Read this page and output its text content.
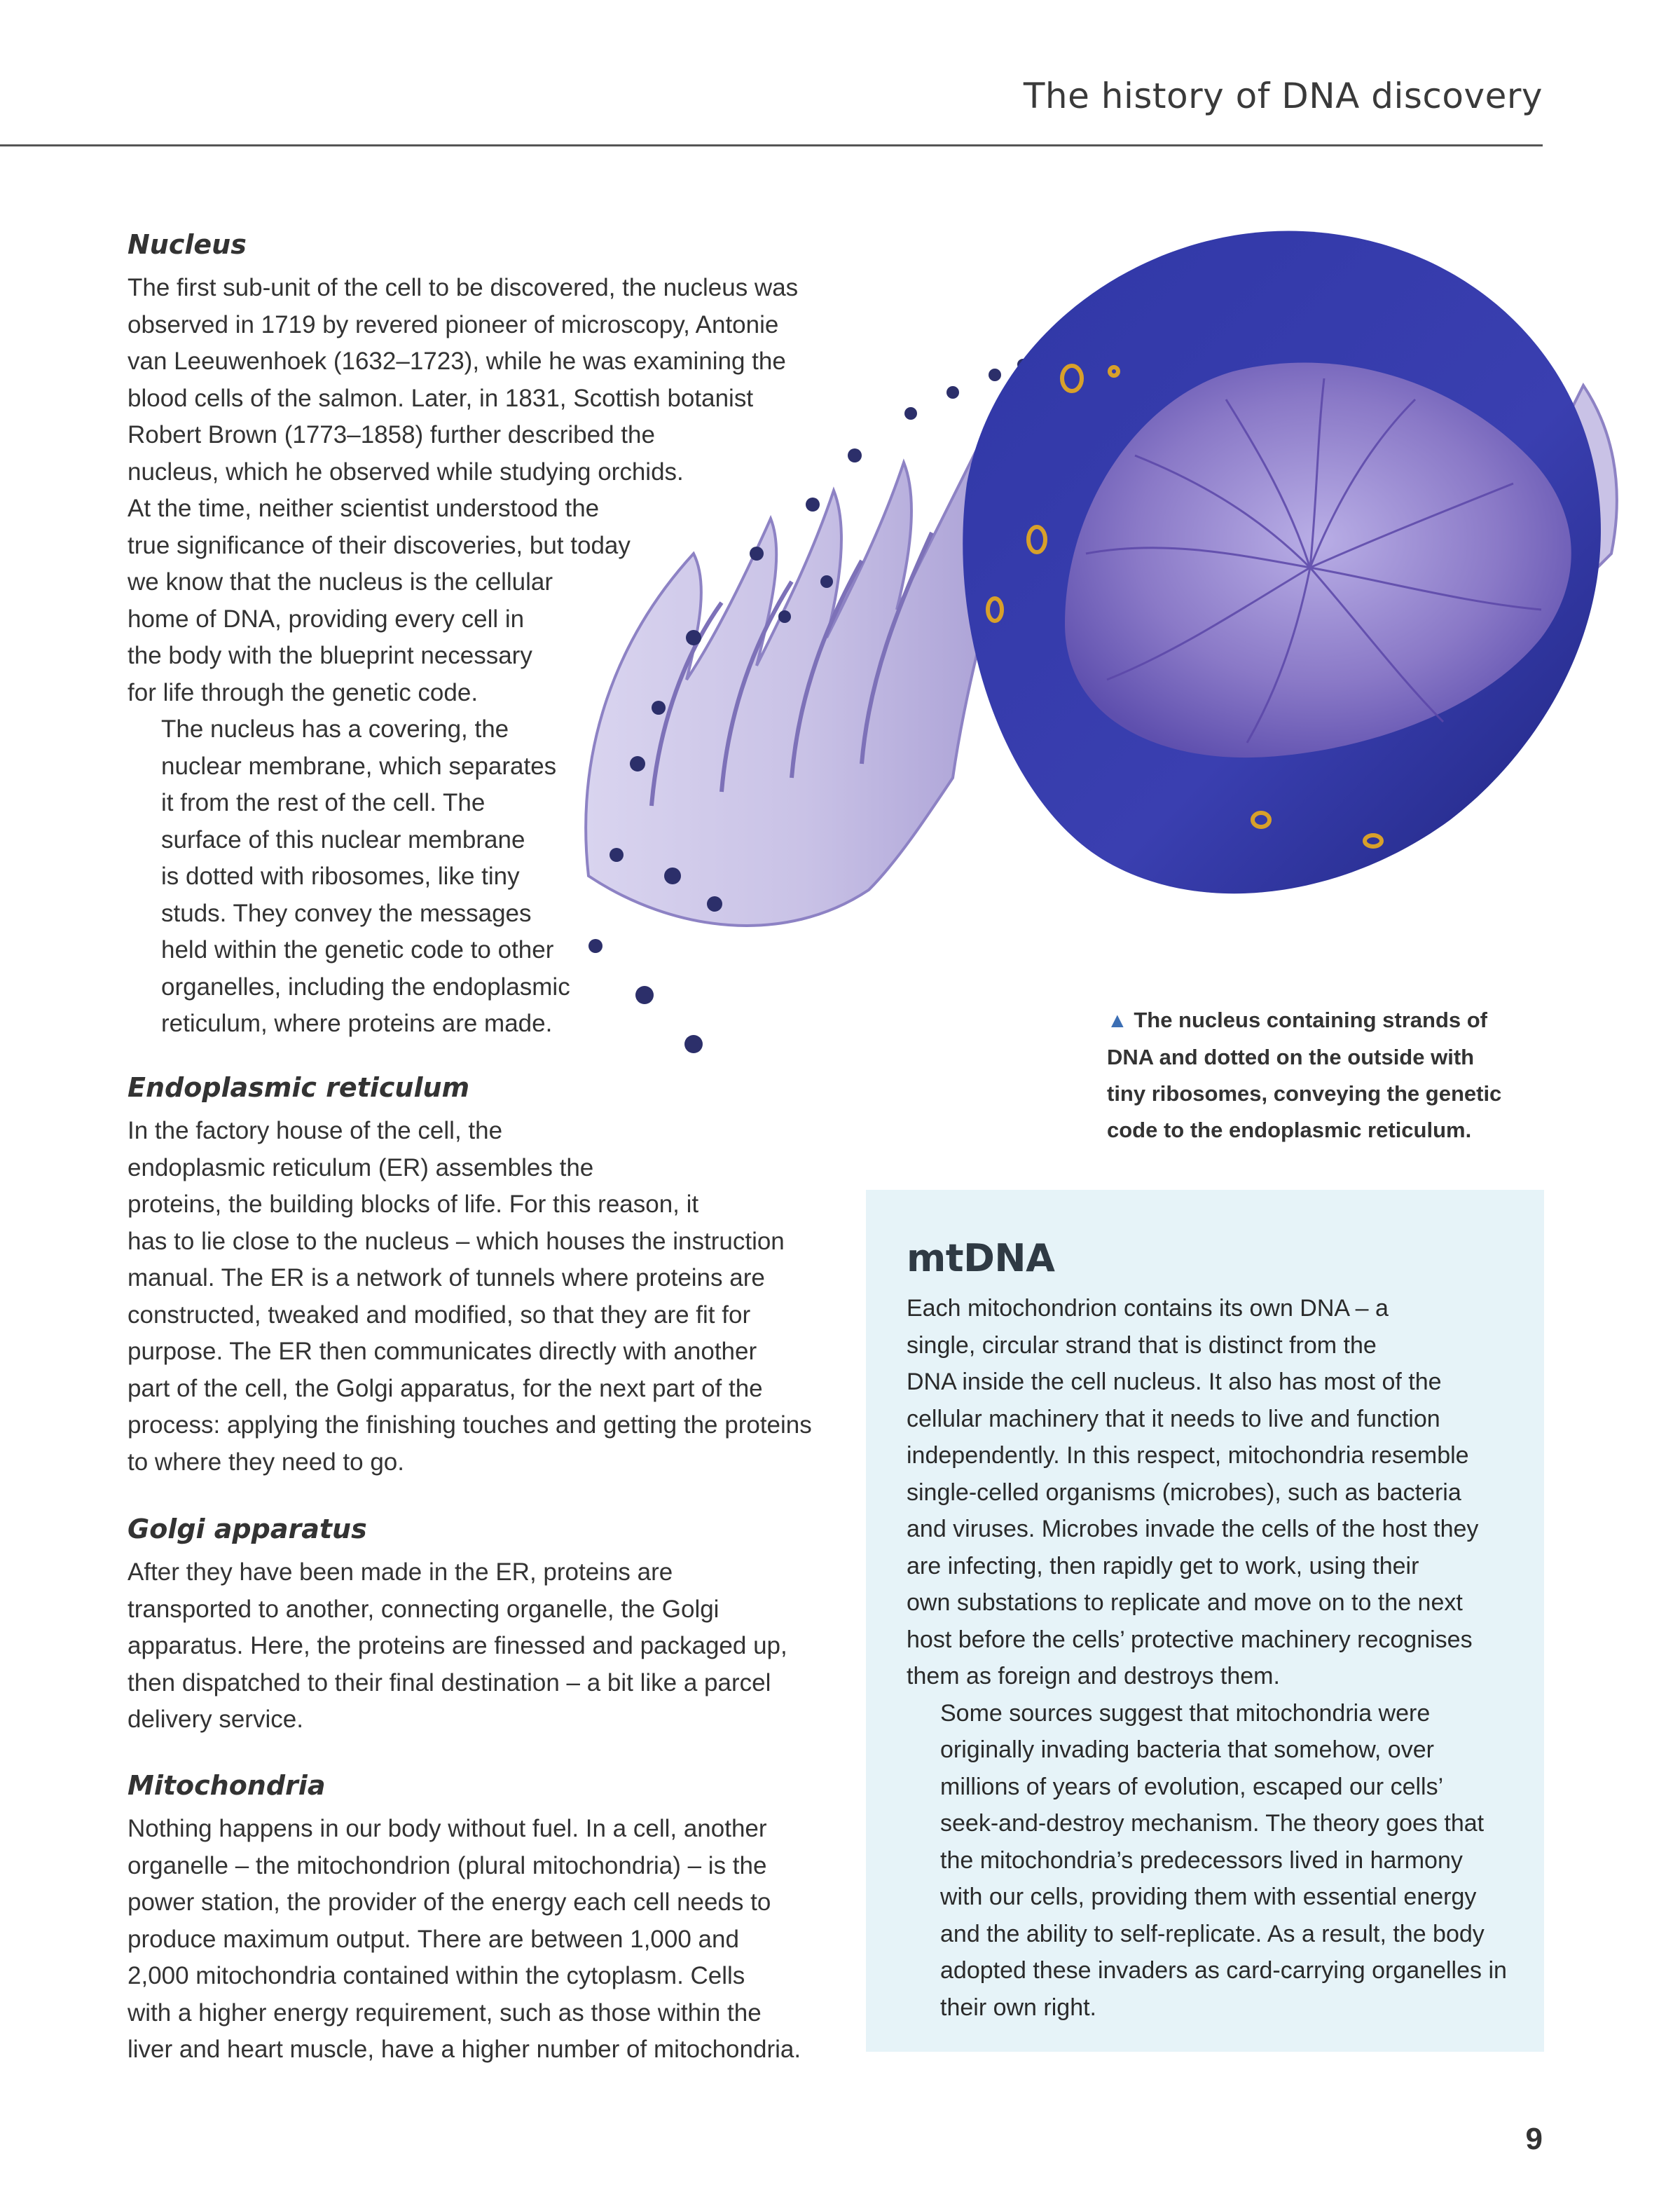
The history of DNA discovery
Nucleus

The first sub-unit of the cell to be discovered, the nucleus was
observed in 1719 by revered pioneer of microscopy, Antonie
van Leeuwenhoek (1632–1723), while he was examining the
blood cells of the salmon. Later, in 1831, Scottish botanist
Robert Brown (1773–1858) further described the
nucleus, which he observed while studying orchids.
At the time, neither scientist understood the
true significance of their discoveries, but today
we know that the nucleus is the cellular
home of DNA, providing every cell in
the body with the blueprint necessary
for life through the genetic code.

The nucleus has a covering, the
nuclear membrane, which separates
it from the rest of the cell. The
surface of this nuclear membrane
is dotted with ribosomes, like tiny
studs. They convey the messages
held within the genetic code to other
organelles, including the endoplasmic
reticulum, where proteins are made.	▲ The nucleus containing strands of
DNA and dotted on the outside with
tiny ribosomes, conveying the genetic
code to the endoplasmic reticulum.
Endoplasmic reticulum

In the factory house of the cell, the
endoplasmic reticulum (ER) assembles the
proteins, the building blocks of life. For this reason, it
has to lie close to the nucleus – which houses the instruction
manual. The ER is a network of tunnels where proteins are
constructed, tweaked and modified, so that they are fit for
purpose. The ER then communicates directly with another
part of the cell, the Golgi apparatus, for the next part of the
process: applying the finishing touches and getting the proteins
to where they need to go.

Golgi apparatus

After they have been made in the ER, proteins are
transported to another, connecting organelle, the Golgi
apparatus. Here, the proteins are finessed and packaged up,
then dispatched to their final destination – a bit like a parcel
delivery service.

Mitochondria

Nothing happens in our body without fuel. In a cell, another
organelle – the mitochondrion (plural mitochondria) – is the
power station, the provider of the energy each cell needs to
produce maximum output. There are between 1,000 and
2,000 mitochondria contained within the cytoplasm. Cells
with a higher energy requirement, such as those within the
liver and heart muscle, have a higher number of mitochondria.

mtDNA

Each mitochondrion contains its own DNA – a
single, circular strand that is distinct from the
DNA inside the cell nucleus. It also has most of the
cellular machinery that it needs to live and function
independently. In this respect, mitochondria resemble
single-celled organisms (microbes), such as bacteria
and viruses. Microbes invade the cells of the host they
are infecting, then rapidly get to work, using their
own substations to replicate and move on to the next
host before the cells’ protective machinery recognises
them as foreign and destroys them.

Some sources suggest that mitochondria were
originally invading bacteria that somehow, over
millions of years of evolution, escaped our cells’
seek-and-destroy mechanism. The theory goes that
the mitochondria’s predecessors lived in harmony
with our cells, providing them with essential energy
and the ability to self-replicate. As a result, the body
adopted these invaders as card-carrying organelles in
their own right.

9
